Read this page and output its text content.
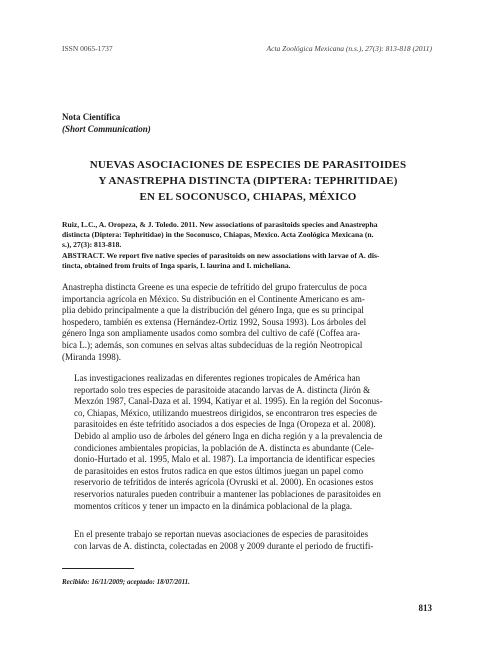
ISSN 0065-1737	Acta Zoológica Mexicana (n.s.), 27(3): 813-818 (2011)
Nota Científica
(Short Communication)
NUEVAS ASOCIACIONES DE ESPECIES DE PARASITOIDES
Y ANASTREPHA DISTINCTA (DIPTERA: TEPHRITIDAE)
EN EL SOCONUSCO, CHIAPAS, MÉXICO
Ruiz, L.C., A. Oropeza, & J. Toledo. 2011. New associations of parasitoids species and Anastrepha
distincta (Diptera: Tephritidae) in the Soconusco, Chiapas, Mexico. Acta Zoológica Mexicana (n.
s.), 27(3): 813-818.
ABSTRACT. We report five native species of parasitoids on new associations with larvae of A. dis-
tincta, obtained from fruits of Inga sparis, I. laurina and I. micheliana.
Anastrepha distincta Greene es una especie de tefrítido del grupo fraterculus de poca
importancia agrícola en México. Su distribución en el Continente Americano es am-
plia debido principalmente a que la distribución del género Inga, que es su principal
hospedero, también es extensa (Hernández-Ortiz 1992, Sousa 1993). Los árboles del
género Inga son ampliamente usados como sombra del cultivo de café (Coffea ara-
bica L.); además, son comunes en selvas altas subdecíduas de la región Neotropical
(Miranda 1998).
Las investigaciones realizadas en diferentes regiones tropicales de América han
reportado solo tres especies de parasitoide atacando larvas de A. distincta (Jirón &
Mexzón 1987, Canal-Daza et al. 1994, Katiyar et al. 1995). En la región del Soconus-
co, Chiapas, México, utilizando muestreos dirigidos, se encontraron tres especies de
parasitoides en éste tefrítido asociados a dos especies de Inga (Oropeza et al. 2008).
Debido al amplio uso de árboles del género Inga en dicha región y a la prevalencia de
condiciones ambientales propicias, la población de A. distincta es abundante (Cele-
donio-Hurtado et al. 1995, Malo et al. 1987). La importancia de identificar especies
de parasitoides en estos frutos radica en que estos últimos juegan un papel como
reservorio de tefrítidos de interés agrícola (Ovruski et al. 2000). En ocasiones estos
reservorios naturales pueden contribuir a mantener las poblaciones de parasitoides en
momentos críticos y tener un impacto en la dinámica poblacional de la plaga.
En el presente trabajo se reportan nuevas asociaciones de especies de parasitoides
con larvas de A. distincta, colectadas en 2008 y 2009 durante el periodo de fructifi-
Recibido: 16/11/2009; aceptado: 18/07/2011.
813
